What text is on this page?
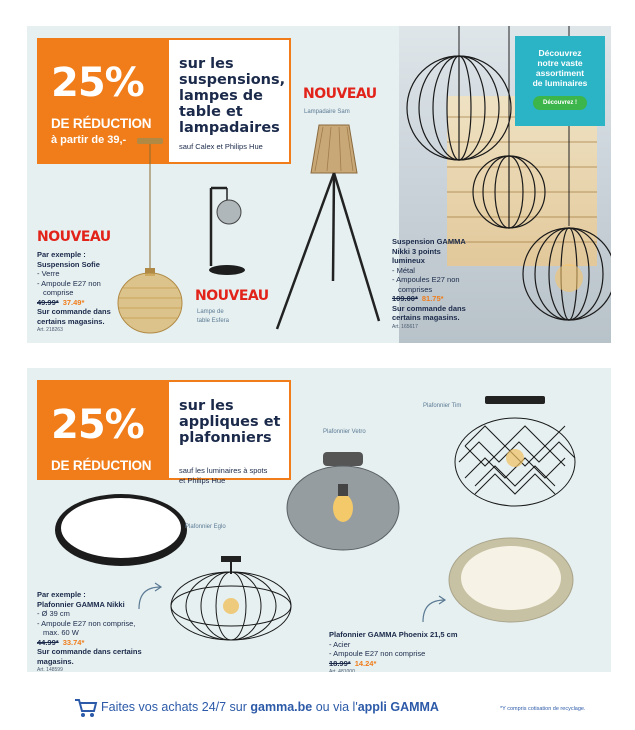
25%
DE RÉDUCTION
à partir de 39,-
sur les
suspensions,
lampes de
table et
lampadaires
sauf Calex et Philips Hue
NOUVEAU
Lampadaire Sam
NOUVEAU
Lampe de
table Esfera
NOUVEAU
Par exemple :
Suspension Sofie
- Verre
- Ampoule E27 non
comprise
49.99* 37.49*
Sur commande dans
certains magasins.
Art. 218263
Suspension GAMMA
Nikki 3 points
lumineux
- Métal
- Ampoules E27 non
comprises
109.00* 81.75*
Sur commande dans
certains magasins.
Art. 165617
Découvrez
notre vaste
assortiment
de luminaires
Découvrez !
25%
DE RÉDUCTION
sur les
appliques et
plafonniers
sauf les luminaires à spots
et Philips Hue
Plafonnier Eglo
Plafonnier Vetro
Plafonnier Tim
Par exemple :
Plafonnier GAMMA Nikki
- Ø 39 cm
- Ampoule E27 non comprise,
max. 60 W
44.99* 33.74*
Sur commande dans certains
magasins.
Art. 148599
Plafonnier GAMMA Phoenix 21,5 cm
- Acier
- Ampoule E27 non comprise
18.99* 14.24*
Art. 481000
Faites vos achats 24/7 sur gamma.be ou via l'appli GAMMA	*Y compris cotisation de recyclage.
